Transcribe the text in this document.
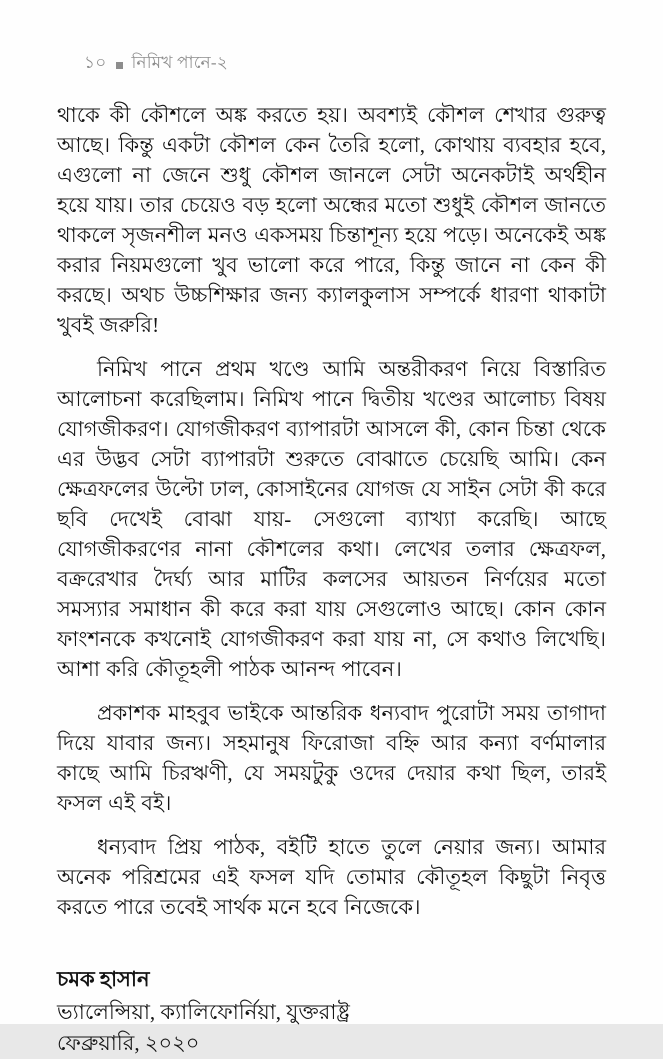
১০ নিমিখ পানে-২

থাকে কী কৌশলে অঙ্ক করতে হয়। অবশ্যই কৌশল শেখার গুরুত্ব আছে। কিন্তু একটা কৌশল কেন তৈরি হলো, কোথায় ব্যবহার হবে, এগুলো না জেনে শুধু কৌশল জানলে সেটা অনেকটাই অর্থহীন হয়ে যায়। তার চেয়েও বড় হলো অন্ধের মতো শুধুই কৌশল জানতে থাকলে সৃজনশীল মনও একসময় চিন্তাশূন্য হয়ে পড়ে। অনেকেই অঙ্ক করার নিয়মগুলো খুব ভালো করে পারে, কিন্তু জানে না কেন কী করছে। অথচ উচ্চশিক্ষার জন্য ক্যালকুলাস সম্পর্কে ধারণা থাকাটা খুবই জরুরি!

নিমিখ পানে প্রথম খণ্ডে আমি অন্তরীকরণ নিয়ে বিস্তারিত আলোচনা করেছিলাম। নিমিখ পানে দ্বিতীয় খণ্ডের আলোচ্য বিষয় যোগজীকরণ। যোগজীকরণ ব্যাপারটা আসলে কী, কোন চিন্তা থেকে এর উদ্ভব সেটা ব্যাপারটা শুরুতে বোঝাতে চেয়েছি আমি। কেন ক্ষেত্রফলের উল্টো ঢাল, কোসাইনের যোগজ যে সাইন সেটা কী করে ছবি দেখেই বোঝা যায়- সেগুলো ব্যাখ্যা করেছি। আছে যোগজীকরণের নানা কৌশলের কথা। লেখের তলার ক্ষেত্রফল, বক্ররেখার দৈর্ঘ্য আর মাটির কলসের আয়তন নির্ণয়ের মতো সমস্যার সমাধান কী করে করা যায় সেগুলোও আছে। কোন কোন ফাংশনকে কখনোই যোগজীকরণ করা যায় না, সে কথাও লিখেছি। আশা করি কৌতূহলী পাঠক আনন্দ পাবেন।

প্রকাশক মাহবুব ভাইকে আন্তরিক ধন্যবাদ পুরোটা সময় তাগাদা দিয়ে যাবার জন্য। সহমানুষ ফিরোজা বহ্নি আর কন্যা বর্ণমালার কাছে আমি চিরঋণী, যে সময়টুকু ওদের দেয়ার কথা ছিল, তারই ফসল এই বই।

ধন্যবাদ প্রিয় পাঠক, বইটি হাতে তুলে নেয়ার জন্য। আমার অনেক পরিশ্রমের এই ফসল যদি তোমার কৌতূহল কিছুটা নিবৃত্ত করতে পারে তবেই সার্থক মনে হবে নিজেকে।

চমক হাসান
ভ্যালেন্সিয়া, ক্যালিফোর্নিয়া, যুক্তরাষ্ট্র
ফেব্রুয়ারি, ২০২০
